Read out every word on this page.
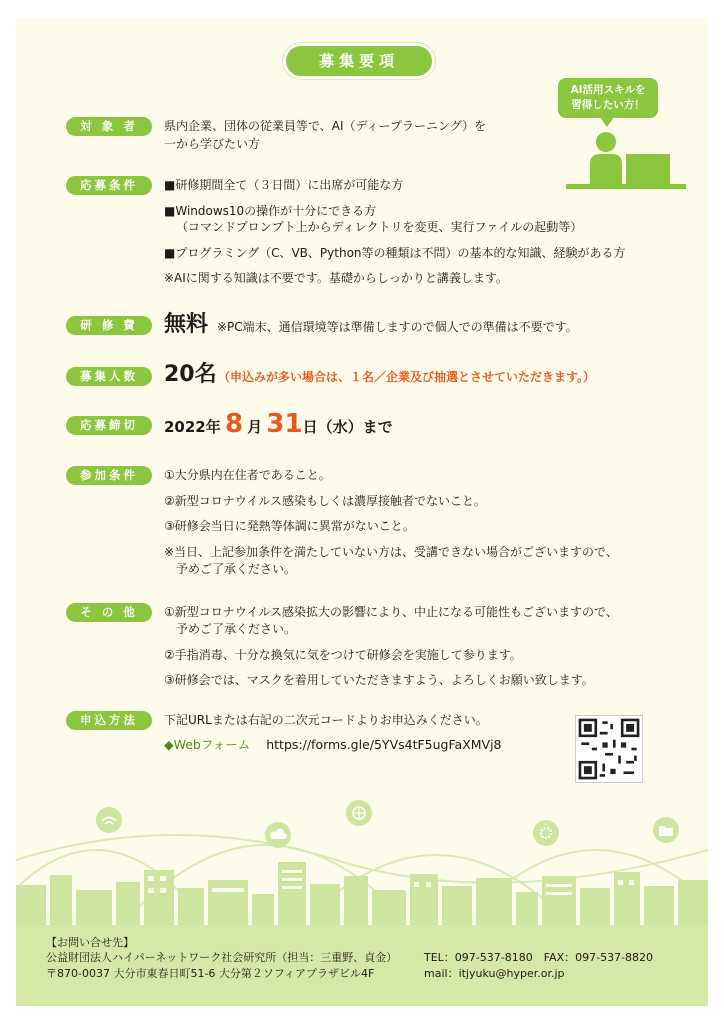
募集要項
AI活用スキルを
習得したい方！
対 象 者	県内企業、団体の従業員等で、AI（ディープラーニング）を
一から学びたい方
応募条件	■研修期間全て（３日間）に出席が可能な方
■Windows10の操作が十分にできる方
（コマンドプロンプト上からディレクトリを変更、実行ファイルの起動等）
■プログラミング（C、VB、Python等の種類は不問）の基本的な知識、経験がある方
※AIに関する知識は不要です。基礎からしっかりと講義します。
研 修 費	無料 ※PC端末、通信環境等は準備しますので個人での準備は不要です。
募集人数	20名 （申込みが多い場合は、１名／企業及び抽選とさせていただきます。）
応募締切	2022年 8 月 31日（水）まで
参加条件	①大分県内在住者であること。
②新型コロナウイルス感染もしくは濃厚接触者でないこと。
③研修会当日に発熱等体調に異常がないこと。
※当日、上記参加条件を満たしていない方は、受講できない場合がございますので、
予めご了承ください。
そ の 他	①新型コロナウイルス感染拡大の影響により、中止になる可能性もございますので、
予めご了承ください。
②手指消毒、十分な換気に気をつけて研修会を実施して参ります。
③研修会では、マスクを着用していただきますよう、よろしくお願い致します。
申込方法	下記URLまたは右記の二次元コードよりお申込みください。
◆Webフォーム https://forms.gle/5YVs4tF5ugFaXMVj8
【お問い合せ先】
公益財団法人ハイパーネットワーク社会研究所（担当：三重野、貞金）
〒870-0037 大分市東春日町51-6 大分第２ソフィアプラザビル4F
TEL：097-537-8180　FAX：097-537-8820
mail：itjyuku@hyper.or.jp
